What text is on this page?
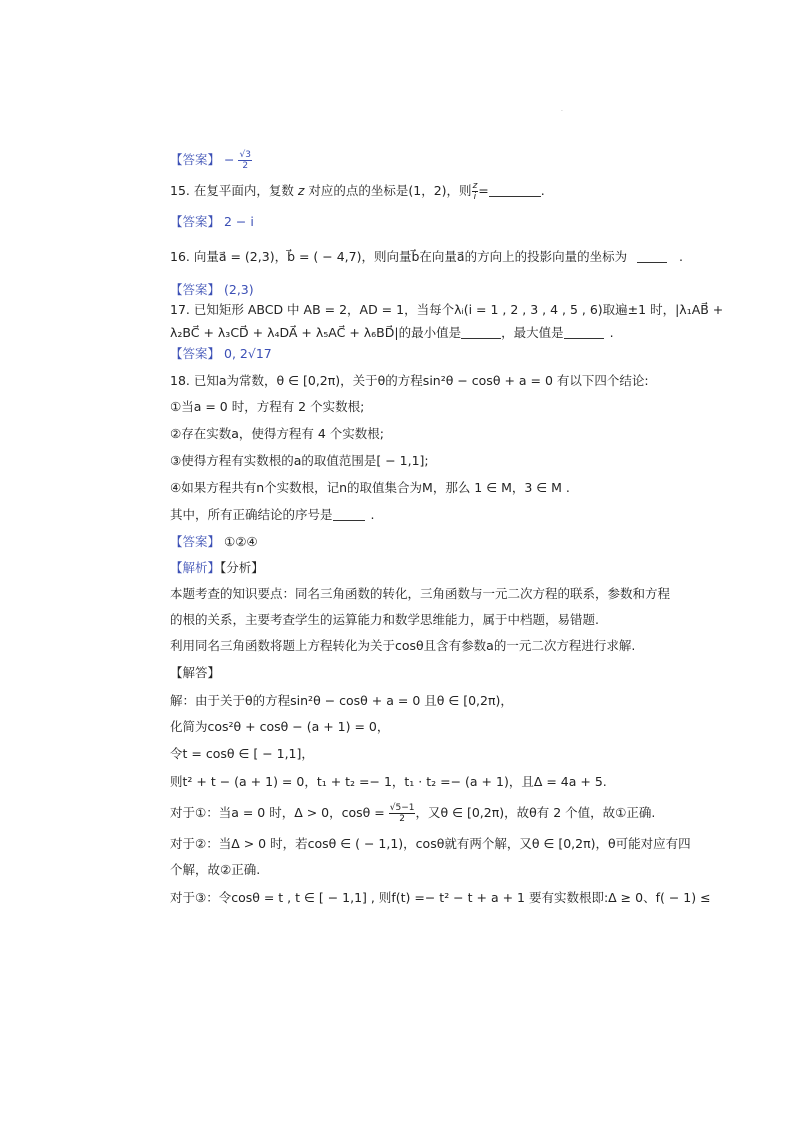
·
【答案】 − $\frac{√3}{2}$
15. 在复平面内，复数 z 对应的点的坐标是(1，2)，则 $\frac{z}{i}$ =	.
【答案】 2 − i
16. 向量a⃗ = (2,3)，b⃗ = ( − 4,7)，则向量b⃗在向量a⃗的方向上的投影向量的坐标为	.
【答案】 (2,3)
17. 已知矩形 ABCD 中 AB = 2，AD = 1，当每个λᵢ(i = 1 , 2 , 3 , 4 , 5 , 6)取遍±1 时，|λ₁AB⃗ +
λ₂BC⃗ + λ₃CD⃗ + λ₄DA⃗ + λ₅AC⃗ + λ₆BD⃗|的最小值是	，最大值是	.
【答案】 0, 2√17
18. 已知a为常数，θ ∈ [0,2π)，关于θ的方程sin²θ − cosθ + a = 0 有以下四个结论:
①当a = 0 时，方程有 2 个实数根;
②存在实数a，使得方程有 4 个实数根;
③使得方程有实数根的a的取值范围是[ − 1,1];
④如果方程共有n个实数根，记n的取值集合为M，那么 1 ∈ M，3 ∈ M .
其中，所有正确结论的序号是	.
【答案】 ①②④
【解析】【分析】
本题考查的知识要点：同名三角函数的转化，三角函数与一元二次方程的联系，参数和方程
的根的关系，主要考查学生的运算能力和数学思维能力，属于中档题，易错题.
利用同名三角函数将题上方程转化为关于cosθ且含有参数a的一元二次方程进行求解.
【解答】
解：由于关于θ的方程sin²θ − cosθ + a = 0 且θ ∈ [0,2π)，
化简为cos²θ + cosθ − (a + 1) = 0，
令t = cosθ ∈ [ − 1,1]，
则t² + t − (a + 1) = 0，t₁ + t₂ =− 1，t₁ · t₂ =− (a + 1)，且Δ = 4a + 5.
对于①：当a = 0 时，Δ > 0，$\cos\theta = \frac{√5-1}{2}$ ，又θ ∈ [0,2π)，故θ有 2 个值，故①正确.
对于②：当Δ > 0 时，若cosθ ∈ ( − 1,1)，cosθ就有两个解，又θ ∈ [0,2π)，θ可能对应有四
个解，故②正确.
对于③：令cosθ = t , t ∈ [ − 1,1] , 则f(t) =− t² − t + a + 1 要有实数根即:Δ ≥ 0、f( − 1) ≤
